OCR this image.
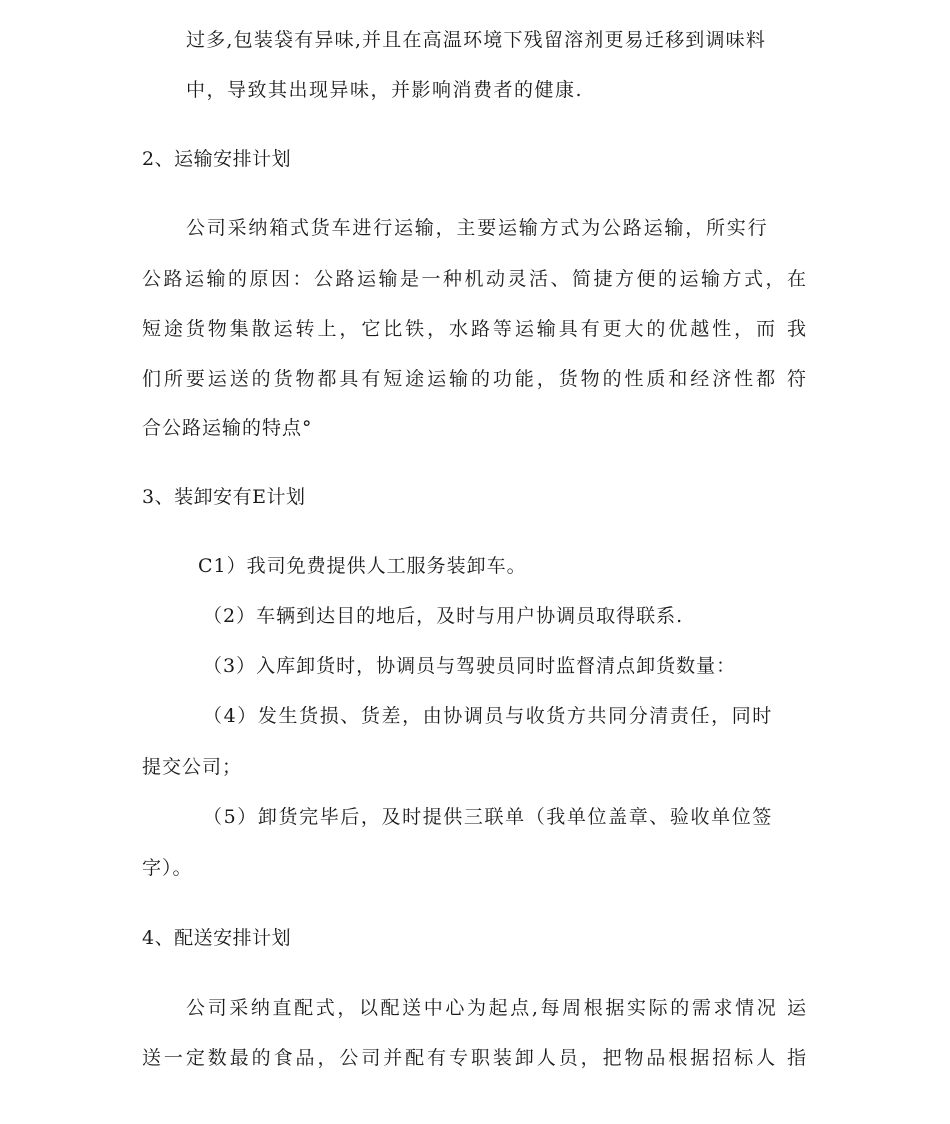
过多,包装袋有异味,并且在高温环境下残留溶剂更易迁移到调味料
中，导致其出现异味，并影响消费者的健康.
2、运输安排计划
公司采纳箱式货车进行运输，主要运输方式为公路运输，所实行
公路运输的原因：公路运输是一种机动灵活、简捷方便的运输方式，在
短途货物集散运转上，它比铁，水路等运输具有更大的优越性，而 我
们所要运送的货物都具有短途运输的功能，货物的性质和经济性都 符
合公路运输的特点°
3、装卸安有E计划
C1）我司免费提供人工服务装卸车。
（2）车辆到达目的地后，及时与用户协调员取得联系.
（3）入库卸货时，协调员与驾驶员同时监督清点卸货数量：
（4）发生货损、货差，由协调员与收货方共同分清责任，同时
提交公司；
（5）卸货完毕后，及时提供三联单（我单位盖章、验收单位签
字）。
4、配送安排计划
公司采纳直配式，以配送中心为起点,每周根据实际的需求情况 运
送一定数最的食品，公司并配有专职装卸人员，把物品根据招标人 指
